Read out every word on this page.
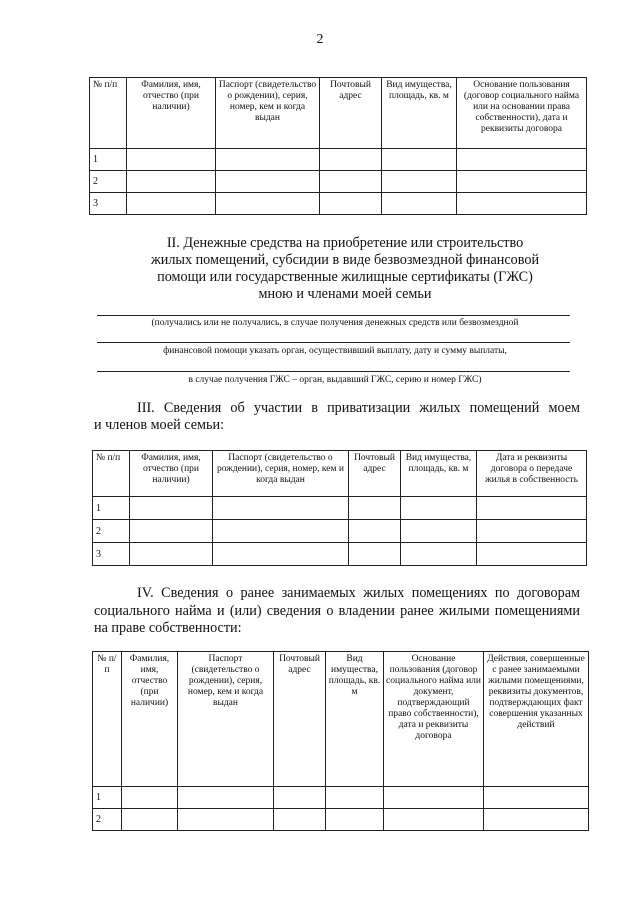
2
№ п/п	Фамилия, имя, отчество (при наличии)	Паспорт (свидетельство о рождении), серия, номер, кем и когда выдан	Почтовый адрес	Вид имущества, площадь, кв. м	Основание пользования (договор социального найма или на основании права собственности), дата и реквизиты договора
1					
2					
3					
II. Денежные средства на приобретение или строительство
жилых помещений, субсидии в виде безвозмездной финансовой
помощи или государственные жилищные сертификаты (ГЖС)
мною и членами моей семьи
(получались или не получались, в случае получения денежных средств или безвозмездной
финансовой помощи указать орган, осуществивший выплату, дату и сумму выплаты,
в случае получения ГЖС – орган, выдавший ГЖС, серию и номер ГЖС)
III. Сведения об участии в приватизации жилых помещений моем
и членов моей семьи:
№ п/п	Фамилия, имя, отчество (при наличии)	Паспорт (свидетельство о рождении), серия, номер, кем и когда выдан	Почтовый адрес	Вид имущества, площадь, кв. м	Дата и реквизиты договора о передаче жилья в собственность
1					
2					
3					
IV. Сведения о ранее занимаемых жилых помещениях по договорам
социального найма и (или) сведения о владении ранее жилыми помещениями
на праве собственности:
№ п/п	Фамилия, имя, отчество (при наличии)	Паспорт (свидетельство о рождении), серия, номер, кем и когда выдан	Почтовый адрес	Вид имущества, площадь, кв. м	Основание пользования (договор социального найма или документ, подтверждающий право собственности), дата и реквизиты договора	Действия, совершенные с ранее занимаемыми жилыми помещениями, реквизиты документов, подтверждающих факт совершения указанных действий
1						
2						
